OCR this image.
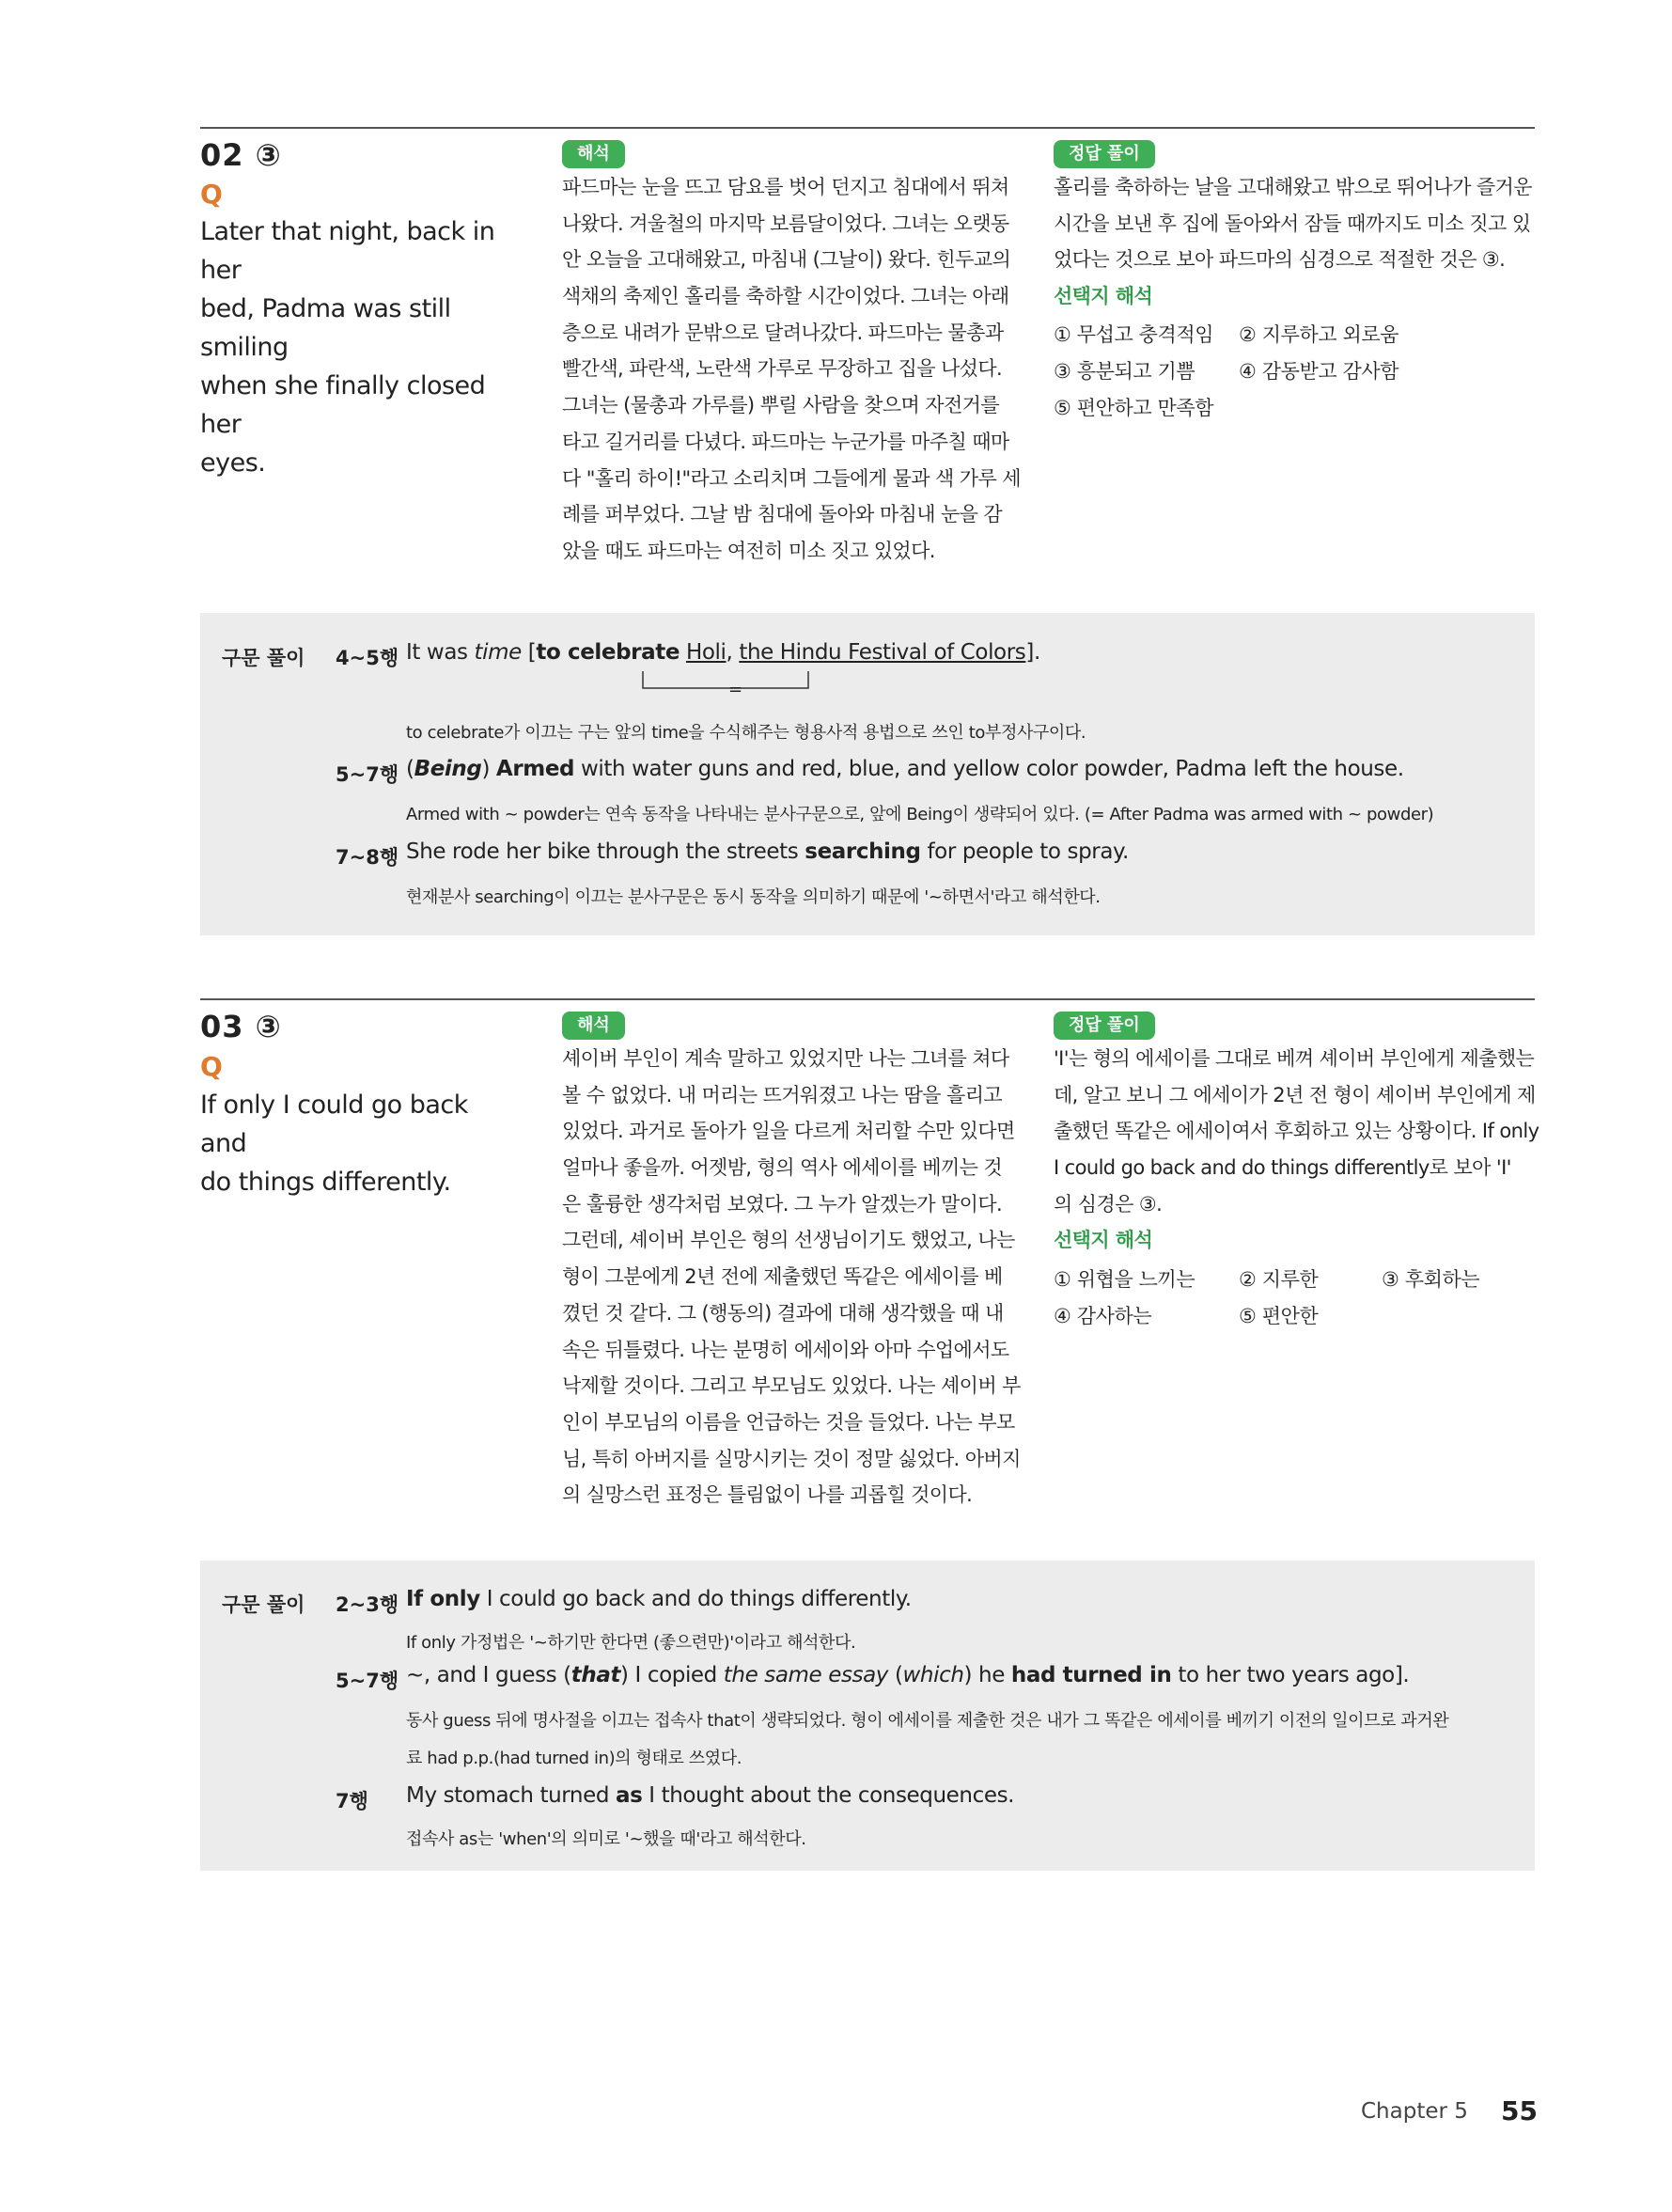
02 ③
Q
Later that night, back in her
bed, Padma was still smiling
when she finally closed her
eyes.
해석
파드마는 눈을 뜨고 담요를 벗어 던지고 침대에서 뛰쳐
나왔다. 겨울철의 마지막 보름달이었다. 그녀는 오랫동
안 오늘을 고대해왔고, 마침내 (그날이) 왔다. 힌두교의
색채의 축제인 홀리를 축하할 시간이었다. 그녀는 아래
층으로 내려가 문밖으로 달려나갔다. 파드마는 물총과
빨간색, 파란색, 노란색 가루로 무장하고 집을 나섰다.
그녀는 (물총과 가루를) 뿌릴 사람을 찾으며 자전거를
타고 길거리를 다녔다. 파드마는 누군가를 마주칠 때마
다 "홀리 하이!"라고 소리치며 그들에게 물과 색 가루 세
례를 퍼부었다. 그날 밤 침대에 돌아와 마침내 눈을 감
았을 때도 파드마는 여전히 미소 짓고 있었다.
정답 풀이
홀리를 축하하는 날을 고대해왔고 밖으로 뛰어나가 즐거운
시간을 보낸 후 집에 돌아와서 잠들 때까지도 미소 짓고 있
었다는 것으로 보아 파드마의 심경으로 적절한 것은 ③.
선택지 해석
① 무섭고 충격적임 ② 지루하고 외로움
③ 흥분되고 기쁨 ④ 감동받고 감사함
⑤ 편안하고 만족함
구문 풀이 4~5행 It was time [to celebrate Holi, the Hindu Festival of Colors].
=
to celebrate가 이끄는 구는 앞의 time을 수식해주는 형용사적 용법으로 쓰인 to부정사구이다.
5~7행 (Being) Armed with water guns and red, blue, and yellow color powder, Padma left the house.
Armed with ~ powder는 연속 동작을 나타내는 분사구문으로, 앞에 Being이 생략되어 있다. (= After Padma was armed with ~ powder)
7~8행 She rode her bike through the streets searching for people to spray.
현재분사 searching이 이끄는 분사구문은 동시 동작을 의미하기 때문에 '~하면서'라고 해석한다.
03 ③
Q
If only I could go back and
do things differently.
해석
셰이버 부인이 계속 말하고 있었지만 나는 그녀를 쳐다
볼 수 없었다. 내 머리는 뜨거워졌고 나는 땀을 흘리고
있었다. 과거로 돌아가 일을 다르게 처리할 수만 있다면
얼마나 좋을까. 어젯밤, 형의 역사 에세이를 베끼는 것
은 훌륭한 생각처럼 보였다. 그 누가 알겠는가 말이다.
그런데, 셰이버 부인은 형의 선생님이기도 했었고, 나는
형이 그분에게 2년 전에 제출했던 똑같은 에세이를 베
꼈던 것 같다. 그 (행동의) 결과에 대해 생각했을 때 내
속은 뒤틀렸다. 나는 분명히 에세이와 아마 수업에서도
낙제할 것이다. 그리고 부모님도 있었다. 나는 셰이버 부
인이 부모님의 이름을 언급하는 것을 들었다. 나는 부모
님, 특히 아버지를 실망시키는 것이 정말 싫었다. 아버지
의 실망스런 표정은 틀림없이 나를 괴롭힐 것이다.
정답 풀이
'I'는 형의 에세이를 그대로 베껴 셰이버 부인에게 제출했는
데, 알고 보니 그 에세이가 2년 전 형이 셰이버 부인에게 제
출했던 똑같은 에세이여서 후회하고 있는 상황이다. If only
I could go back and do things differently로 보아 'I'
의 심경은 ③.
선택지 해석
① 위협을 느끼는 ② 지루한	③ 후회하는
④ 감사하는	⑤ 편안한
구문 풀이 2~3행 If only I could go back and do things differently.
If only 가정법은 '~하기만 한다면 (좋으련만)'이라고 해석한다.
5~7행 ~, and I guess (that) I copied the same essay (which) he had turned in to her two years ago].
동사 guess 뒤에 명사절을 이끄는 접속사 that이 생략되었다. 형이 에세이를 제출한 것은 내가 그 똑같은 에세이를 베끼기 이전의 일이므로 과거완
료 had p.p.(had turned in)의 형태로 쓰였다.
7행 My stomach turned as I thought about the consequences.
접속사 as는 'when'의 의미로 '~했을 때'라고 해석한다.
Chapter 5 55
